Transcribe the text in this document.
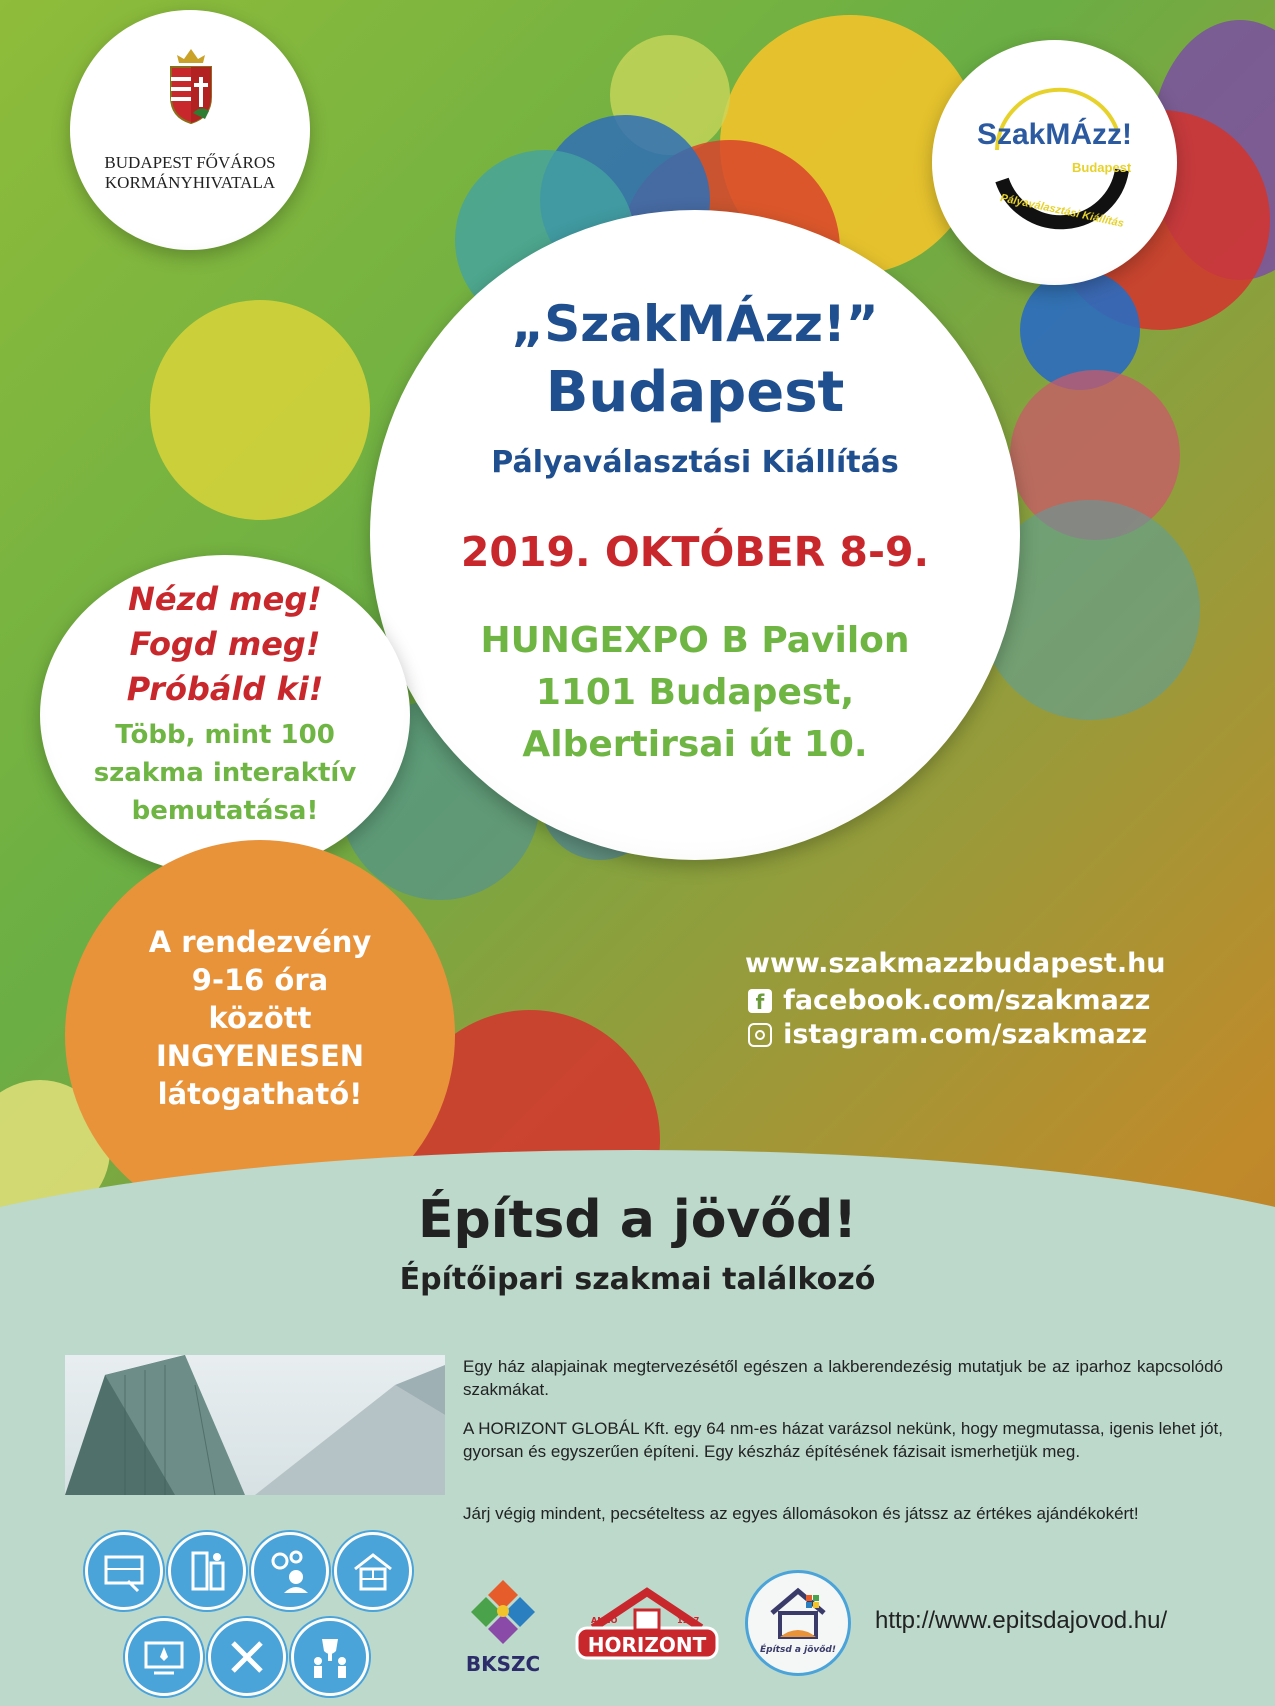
BUDAPEST FŐVÁROS
KORMÁNYHIVATALA
SzakMÁzz!
Budapest
Pályaválasztási Kiállítás
„SzakMÁzz!”
Budapest
Pályaválasztási Kiállítás
2019. OKTÓBER 8-9.
HUNGEXPO B Pavilon
1101 Budapest,
Albertirsai út 10.
Nézd meg!
Fogd meg!
Próbáld ki!
Több, mint 100
szakma interaktív
bemutatása!
A rendezvény
9-16 óra
között
INGYENESEN
látogatható!
www.szakmazzbudapest.hu
f facebook.com/szakmazz
istagram.com/szakmazz
Építsd a jövőd!
Építőipari szakmai találkozó
Egy ház alapjainak megtervezésétől egészen a lakberendezésig mutatjuk be az iparhoz kapcsolódó szakmákat.
A HORIZONT GLOBÁL Kft. egy 64 nm-es házat varázsol nekünk, hogy megmutassa, igenis lehet jót, gyorsan és egyszerűen építeni. Egy készház építésének fázisait ismerhetjük meg.
Járj végig mindent, pecsételtess az egyes állomásokon és játssz az értékes ajándékokért!
BKSZC
HORIZONT
ANNO	1997
Építsd a jövőd!
http://www.epitsdajovod.hu/
